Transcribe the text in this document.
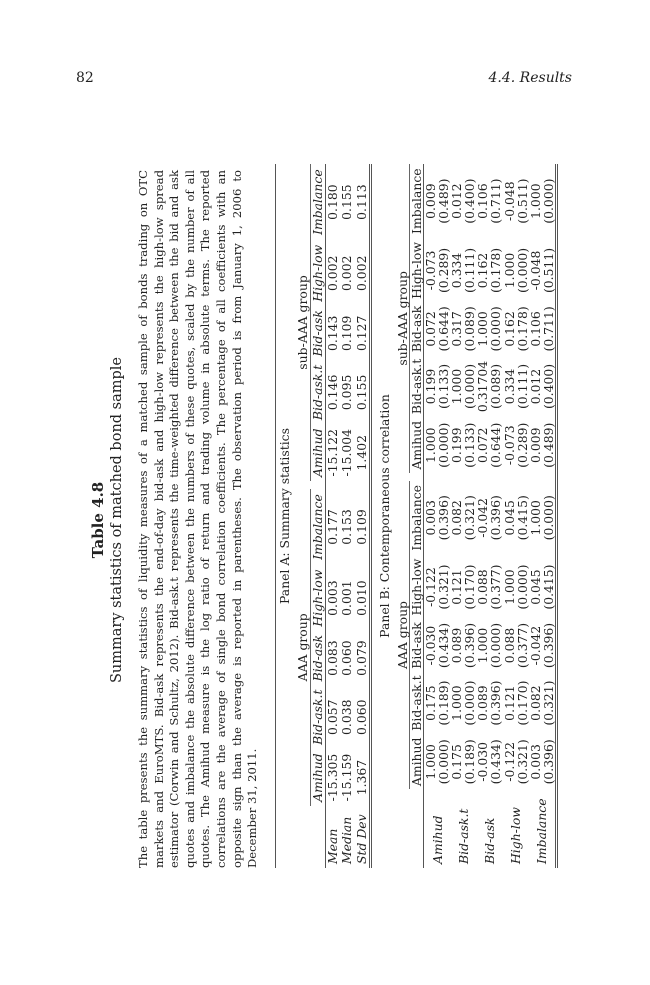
82	4.4. Results
Table 4.8 Summary statistics of matched bond sample The table presents the summary statistics of liquidity measures of a matched sample of bonds trading on OTC markets and EuroMTS. Bid-ask represents the end-of-day bid-ask and high-low represents the high-low spread estimator (Corwin and Schultz, 2012). Bid-ask.t represents the time-weighted difference between the bid and ask quotes and imbalance the absolute difference between the numbers of these quotes, scaled by the number of all quotes. The Amihud measure is the log ratio of return and trading volume in absolute terms. The reported correlations are the average of single bond correlation coefficients. The percentage of all coefficients with an opposite sign than the average is reported in parentheses. The observation period is from January 1, 2006 to December 31, 2011.
Panel A: Summary statistics
	AAA group						sub-AAA group				
	Amihud	Bid-ask.t	Bid-ask	High-low	Imbalance		Amihud	Bid-ask.t	Bid-ask	High-low	Imbalance
Mean	-15.305	0.057	0.083	0.003	0.177		-15.122	0.146	0.143	0.002	0.180
Median	-15.159	0.038	0.060	0.001	0.153		-15.004	0.095	0.109	0.002	0.155
Std Dev	1.367	0.060	0.079	0.010	0.109		1.402	0.155	0.127	0.002	0.113
Panel B: Contemporaneous correlation
	AAA group						sub-AAA group				
	Amihud	Bid-ask.t	Bid-ask	High-low	Imbalance		Amihud	Bid-ask.t	Bid-ask	High-low	Imbalance
Amihud	1.000	0.175	-0.030	-0.122	0.003		1.000	0.199	0.072	-0.073	0.009
	(0.000)	(0.189)	(0.434)	(0.321)	(0.396)		(0.000)	(0.133)	(0.644)	(0.289)	(0.489)
Bid-ask.t	0.175	1.000	0.089	0.121	0.082		0.199	1.000	0.317	0.334	0.012
	(0.189)	(0.000)	(0.396)	(0.170)	(0.321)		(0.133)	(0.000)	(0.089)	(0.111)	(0.400)
Bid-ask	-0.030	0.089	1.000	0.088	-0.042		0.072	0.31704	1.000	0.162	0.106
	(0.434)	(0.396)	(0.000)	(0.377)	(0.396)		(0.644)	(0.089)	(0.000)	(0.178)	(0.711)
High-low	-0.122	0.121	0.088	1.000	0.045		-0.073	0.334	0.162	1.000	-0.048
	(0.321)	(0.170)	(0.377)	(0.000)	(0.415)		(0.289)	(0.111)	(0.178)	(0.000)	(0.511)
Imbalance	0.003	0.082	-0.042	0.045	1.000		0.009	0.012	0.106	-0.048	1.000
	(0.396)	(0.321)	(0.396)	(0.415)	(0.000)		(0.489)	(0.400)	(0.711)	(0.511)	(0.000)
